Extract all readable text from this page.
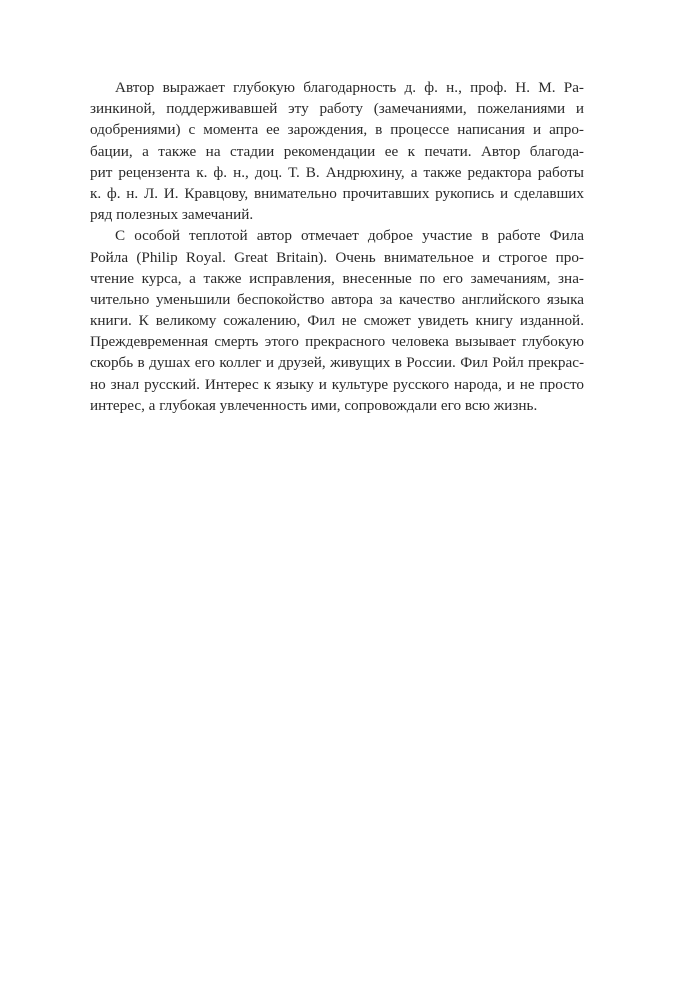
Автор выражает глубокую благодарность д. ф. н., проф. Н. М. Ра-
зинкиной, поддерживавшей эту работу (замечаниями, пожеланиями и
одобрениями) с момента ее зарождения, в процессе написания и апро-
бации, а также на стадии рекомендации ее к печати. Автор благода-
рит рецензента к. ф. н., доц. Т. В. Андрюхину, а также редактора работы
к. ф. н. Л. И. Кравцову, внимательно прочитавших рукопись и сделавших
ряд полезных замечаний.
С особой теплотой автор отмечает доброе участие в работе Фила
Ройла (Philip Royal. Great Britain). Очень внимательное и строгое про-
чтение курса, а также исправления, внесенные по его замечаниям, зна-
чительно уменьшили беспокойство автора за качество английского языка
книги. К великому сожалению, Фил не сможет увидеть книгу изданной.
Преждевременная смерть этого прекрасного человека вызывает глубокую
скорбь в душах его коллег и друзей, живущих в России. Фил Ройл прекрас-
но знал русский. Интерес к языку и культуре русского народа, и не просто
интерес, а глубокая увлеченность ими, сопровождали его всю жизнь.
